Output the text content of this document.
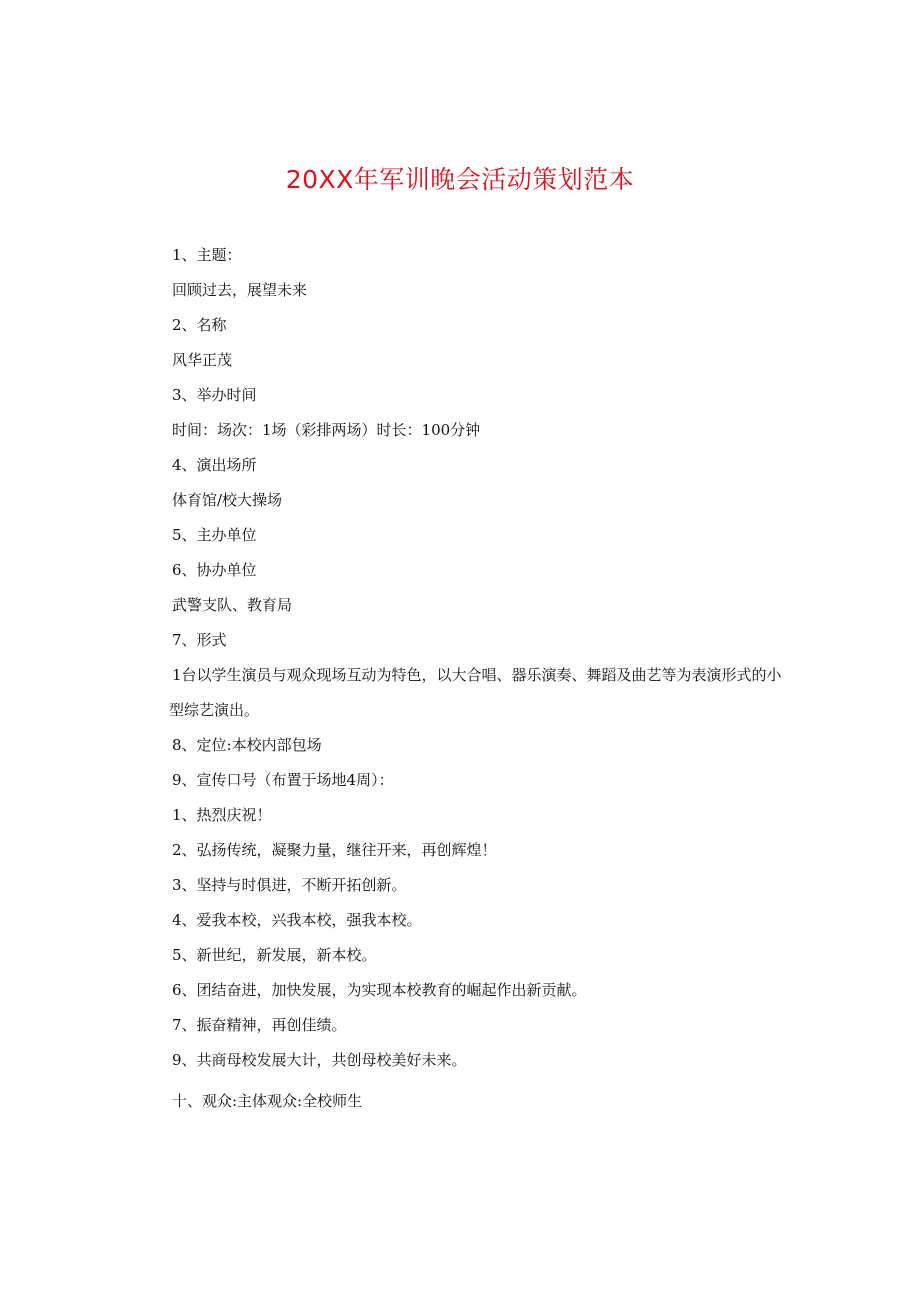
20XX年军训晚会活动策划范本

1、主题：

回顾过去，展望未来

2、名称

风华正茂

3、举办时间

时间：场次：1场（彩排两场）时长：100分钟

4、演出场所

体育馆/校大操场

5、主办单位

6、协办单位

武警支队、教育局

7、形式

1台以学生演员与观众现场互动为特色，以大合唱、器乐演奏、舞蹈及曲艺等为表演形式的小型综艺演出。

8、定位:本校内部包场

9、宣传口号（布置于场地4周）：

1、热烈庆祝！

2、弘扬传统，凝聚力量，继往开来，再创辉煌！

3、坚持与时俱进，不断开拓创新。

4、爱我本校，兴我本校，强我本校。

5、新世纪，新发展，新本校。

6、团结奋进，加快发展，为实现本校教育的崛起作出新贡献。

7、振奋精神，再创佳绩。

9、共商母校发展大计，共创母校美好未来。

十、观众:主体观众:全校师生
